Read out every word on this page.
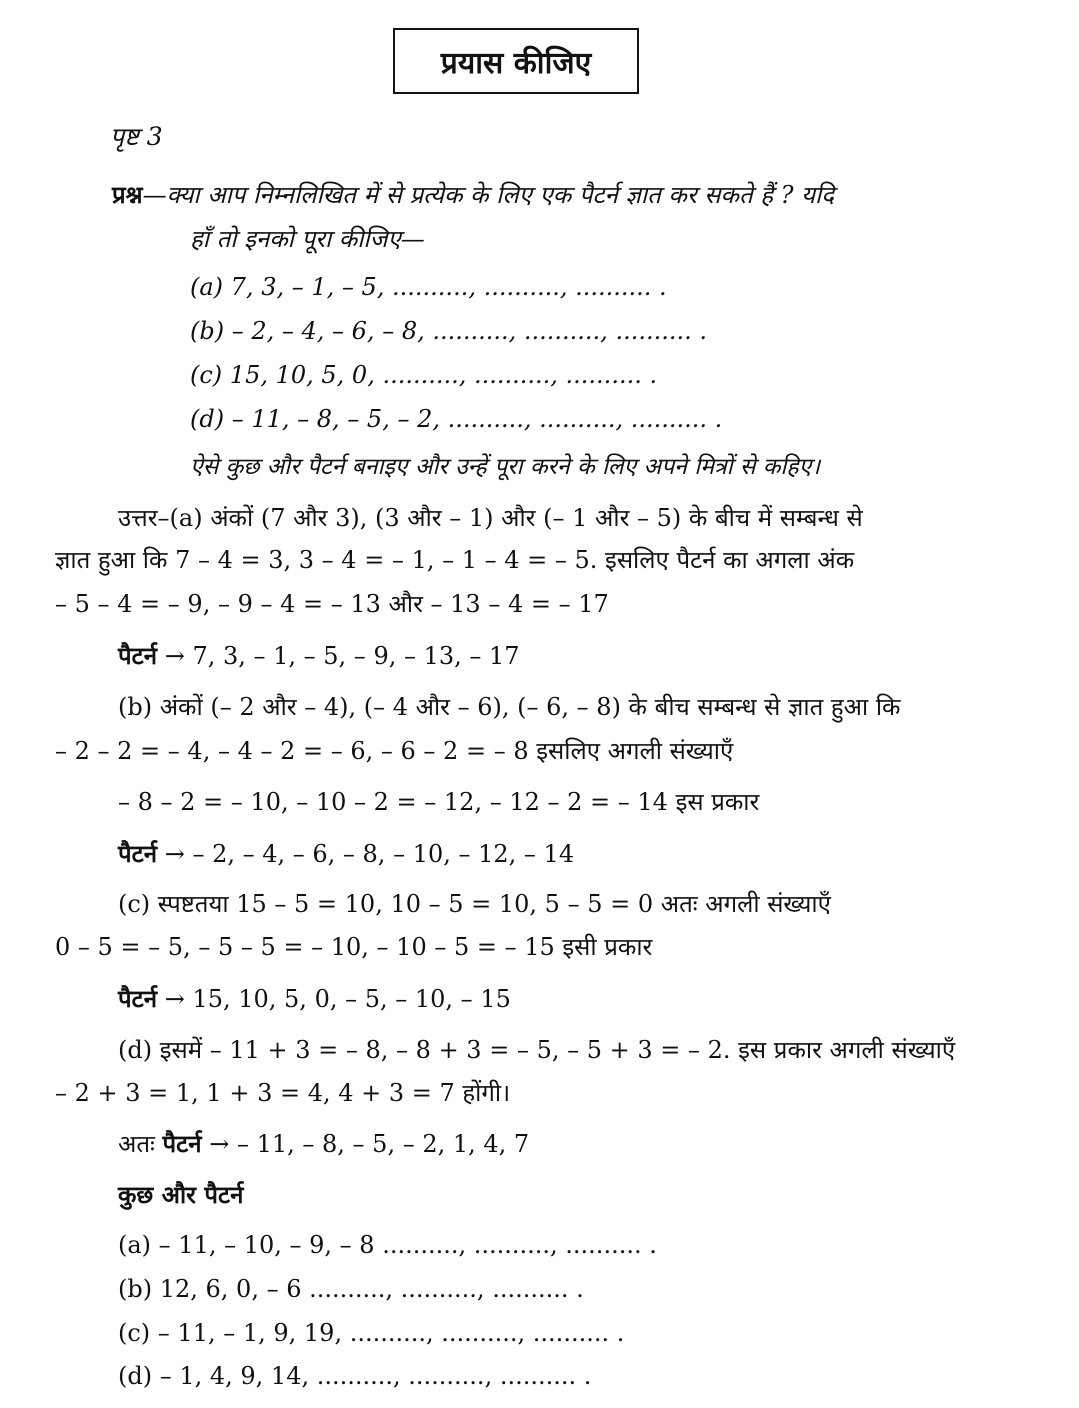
प्रयास कीजिए
पृष्ट 3
प्रश्न—क्या आप निम्नलिखित में से प्रत्येक के लिए एक पैटर्न ज्ञात कर सकते हैं ? यदि
हाँ तो इनको पूरा कीजिए—
(a) 7, 3, – 1, – 5, .........., .........., .......... .
(b) – 2, – 4, – 6, – 8, .........., .........., .......... .
(c) 15, 10, 5, 0, .........., .........., .......... .
(d) – 11, – 8, – 5, – 2, .........., .........., .......... .
ऐसे कुछ और पैटर्न बनाइए और उन्हें पूरा करने के लिए अपने मित्रों से कहिए।
उत्तर–(a) अंकों (7 और 3), (3 और – 1) और (– 1 और – 5) के बीच में सम्बन्ध से
ज्ञात हुआ कि 7 – 4 = 3, 3 – 4 = – 1, – 1 – 4 = – 5. इसलिए पैटर्न का अगला अंक
– 5 – 4 = – 9, – 9 – 4 = – 13 और – 13 – 4 = – 17
पैटर्न → 7, 3, – 1, – 5, – 9, – 13, – 17
(b) अंकों (– 2 और – 4), (– 4 और – 6), (– 6, – 8) के बीच सम्बन्ध से ज्ञात हुआ कि
– 2 – 2 = – 4, – 4 – 2 = – 6, – 6 – 2 = – 8 इसलिए अगली संख्याएँ
– 8 – 2 = – 10, – 10 – 2 = – 12, – 12 – 2 = – 14 इस प्रकार
पैटर्न → – 2, – 4, – 6, – 8, – 10, – 12, – 14
(c) स्पष्टतया 15 – 5 = 10, 10 – 5 = 10, 5 – 5 = 0 अतः अगली संख्याएँ
0 – 5 = – 5, – 5 – 5 = – 10, – 10 – 5 = – 15 इसी प्रकार
पैटर्न → 15, 10, 5, 0, – 5, – 10, – 15
(d) इसमें – 11 + 3 = – 8, – 8 + 3 = – 5, – 5 + 3 = – 2. इस प्रकार अगली संख्याएँ
– 2 + 3 = 1, 1 + 3 = 4, 4 + 3 = 7 होंगी।
अतः पैटर्न → – 11, – 8, – 5, – 2, 1, 4, 7
कुछ और पैटर्न
(a) – 11, – 10, – 9, – 8 .........., .........., .......... .
(b) 12, 6, 0, – 6 .........., .........., .......... .
(c) – 11, – 1, 9, 19, .........., .........., .......... .
(d) – 1, 4, 9, 14, .........., .........., .......... .
